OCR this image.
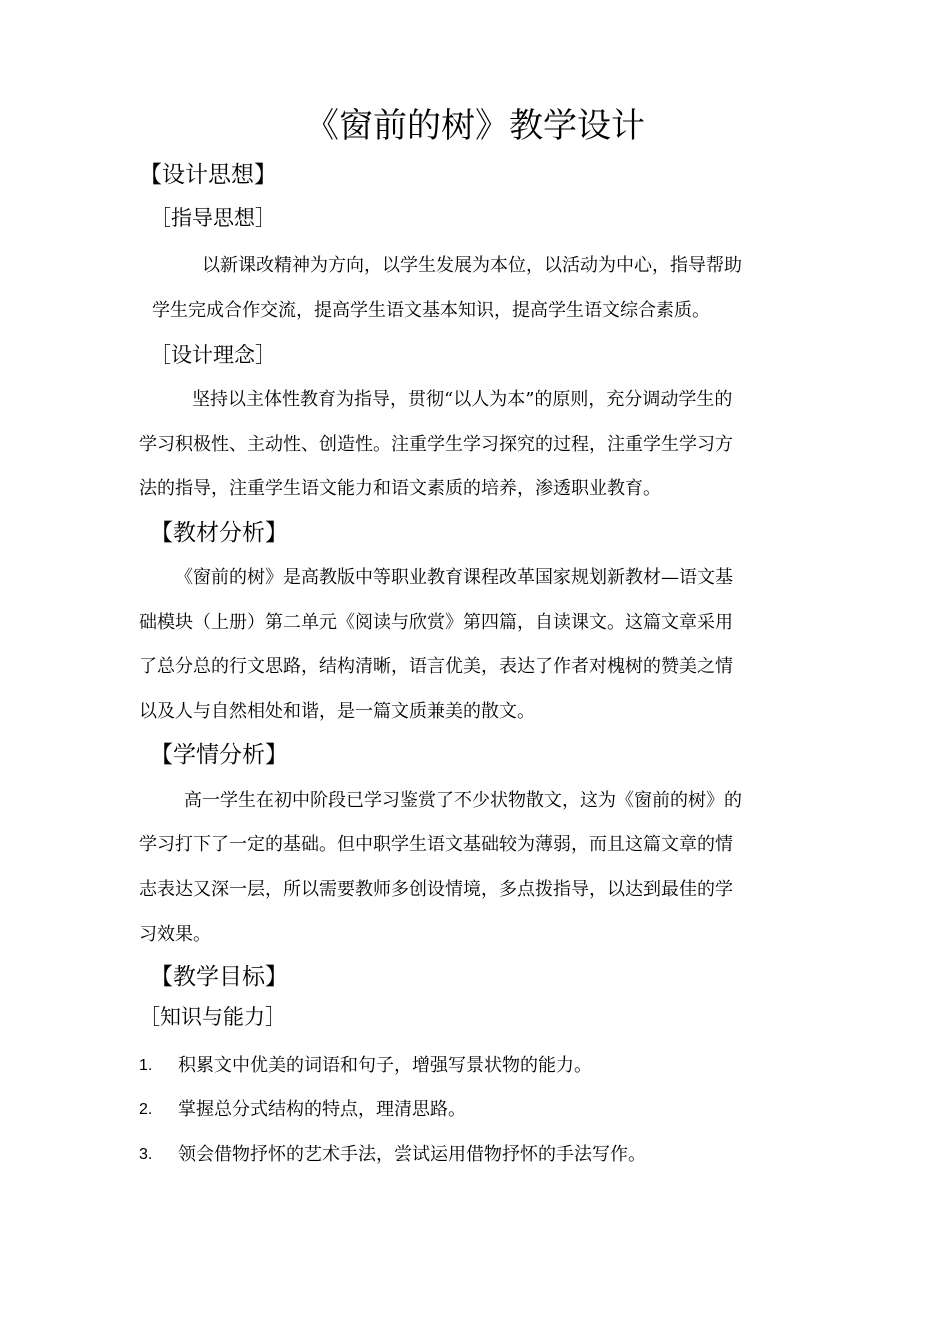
《窗前的树》教学设计
【设计思想】
［指导思想］
以新课改精神为方向，以学生发展为本位，以活动为中心，指导帮助
学生完成合作交流，提高学生语文基本知识，提高学生语文综合素质。
［设计理念］
坚持以主体性教育为指导，贯彻“以人为本”的原则，充分调动学生的
学习积极性、主动性、创造性。注重学生学习探究的过程，注重学生学习方
法的指导，注重学生语文能力和语文素质的培养，渗透职业教育。
【教材分析】
《窗前的树》是高教版中等职业教育课程改革国家规划新教材—语文基
础模块（上册）第二单元《阅读与欣赏》第四篇，自读课文。这篇文章采用
了总分总的行文思路，结构清晰，语言优美，表达了作者对槐树的赞美之情
以及人与自然相处和谐，是一篇文质兼美的散文。
【学情分析】
高一学生在初中阶段已学习鉴赏了不少状物散文，这为《窗前的树》的
学习打下了一定的基础。但中职学生语文基础较为薄弱，而且这篇文章的情
志表达又深一层，所以需要教师多创设情境，多点拨指导，以达到最佳的学
习效果。
【教学目标】
［知识与能力］
1. 积累文中优美的词语和句子，增强写景状物的能力。
2. 掌握总分式结构的特点，理清思路。
3. 领会借物抒怀的艺术手法，尝试运用借物抒怀的手法写作。
